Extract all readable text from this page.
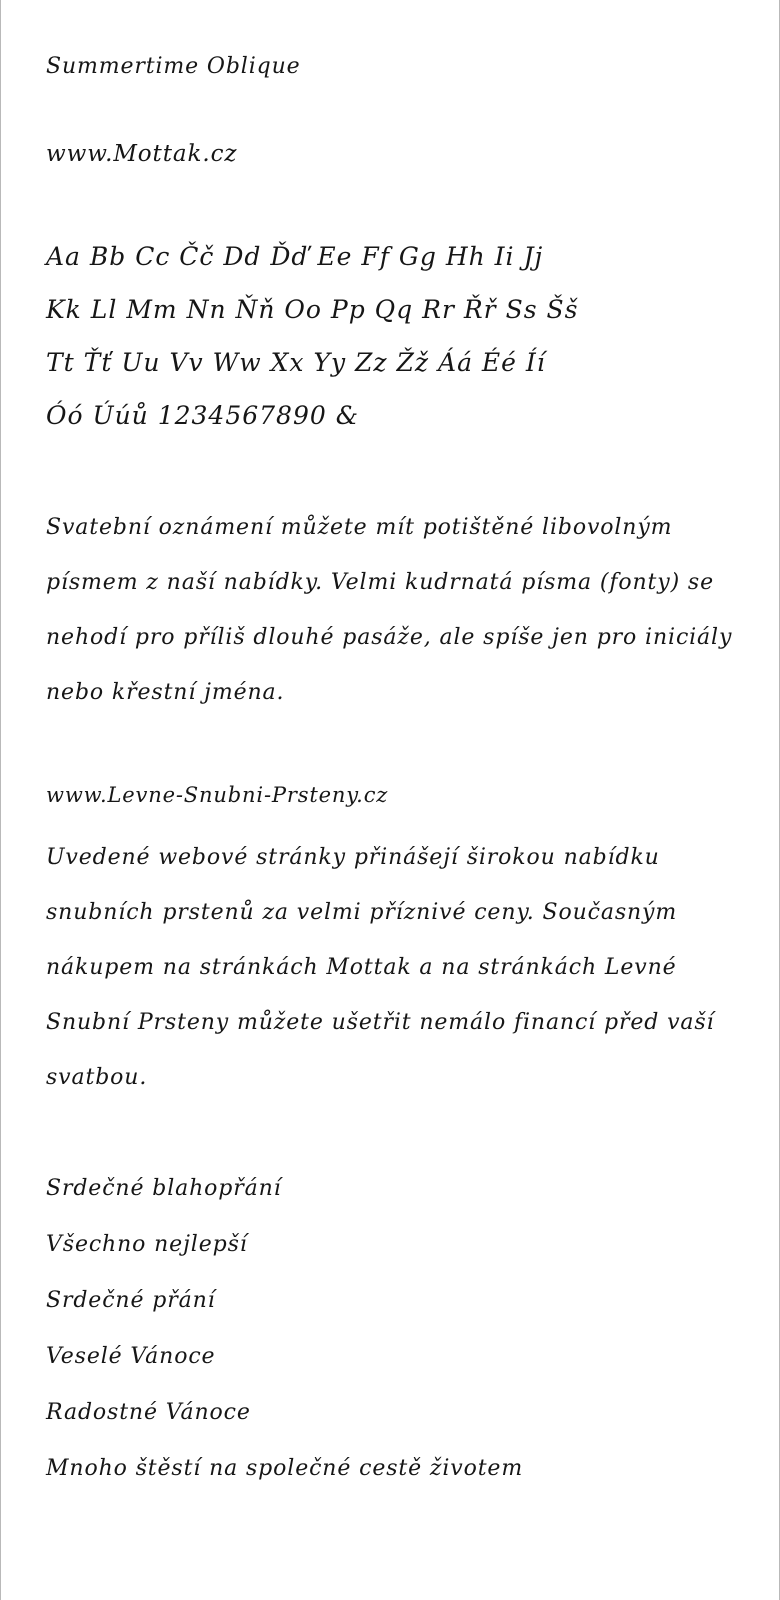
Summertime Oblique
www.Mottak.cz
Aa Bb Cc Čč Dd Ďď Ee Ff Gg Hh Ii Jj
Kk Ll Mm Nn Ňň Oo Pp Qq Rr Řř Ss Šš
Tt Ťť Uu Vv Ww Xx Yy Zz Žž Áá Éé Íí
Óó Úúů 1234567890 &
Svatební oznámení můžete mít potištěné libovolným písmem z naší nabídky. Velmi kudrnatá písma (fonty) se nehodí pro příliš dlouhé pasáže, ale spíše jen pro iniciály nebo křestní jména.
www.Levne-Snubni-Prsteny.cz
Uvedené webové stránky přinášejí širokou nabídku snubních prstenů za velmi příznivé ceny. Současným nákupem na stránkách Mottak a na stránkách Levné Snubní Prsteny můžete ušetřit nemálo financí před vaší svatbou.
Srdečné blahopřání
Všechno nejlepší
Srdečné přání
Veselé Vánoce
Radostné Vánoce
Mnoho štěstí na společné cestě životem
